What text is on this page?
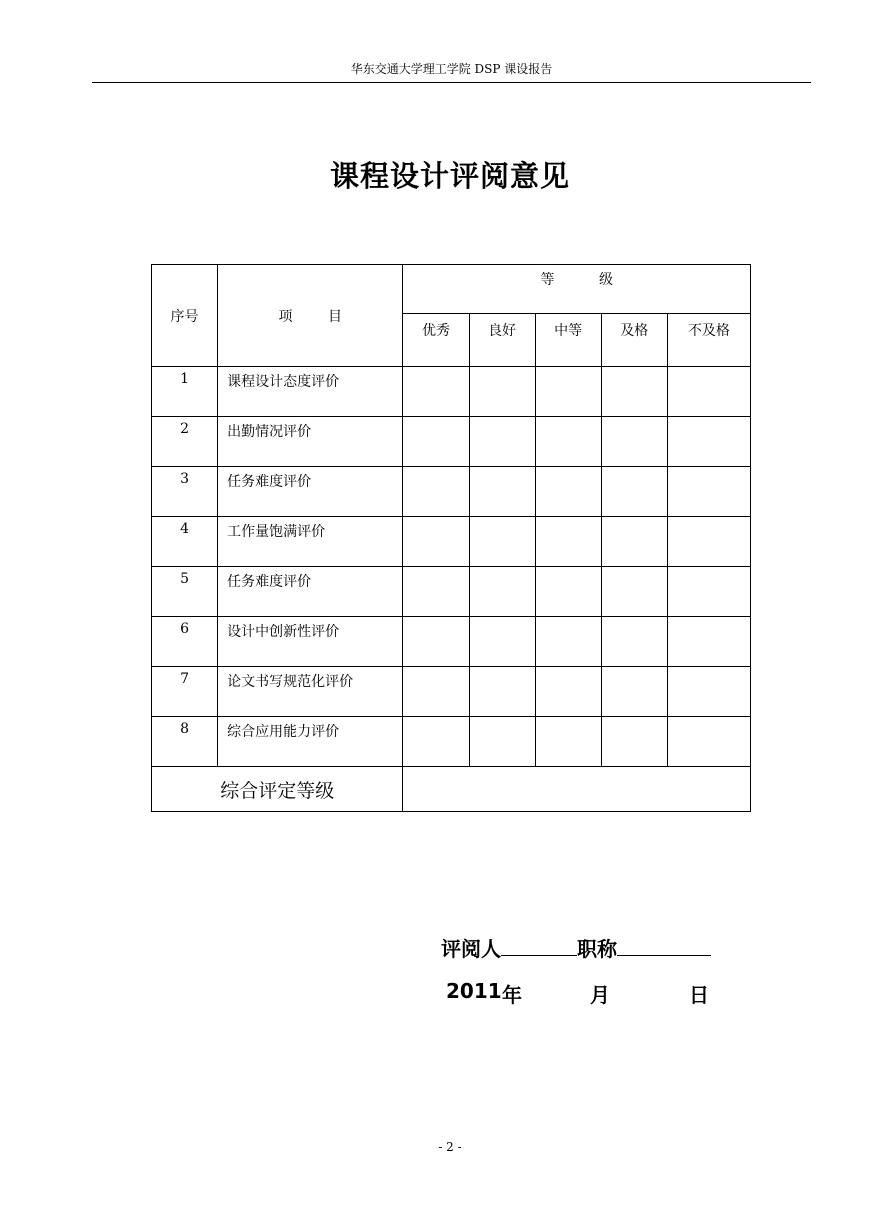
华东交通大学理工学院 DSP 课设报告
课程设计评阅意见
序号	项        目	等          级				
		优秀	良好	中等	及格	不及格
1	课程设计态度评价					
2	出勤情况评价					
3	任务难度评价					
4	工作量饱满评价					
5	任务难度评价					
6	设计中创新性评价					
7	论文书写规范化评价					
8	综合应用能力评价					
综合评定等级						
评阅人	职称
2011 年	月	日
- 2 -
